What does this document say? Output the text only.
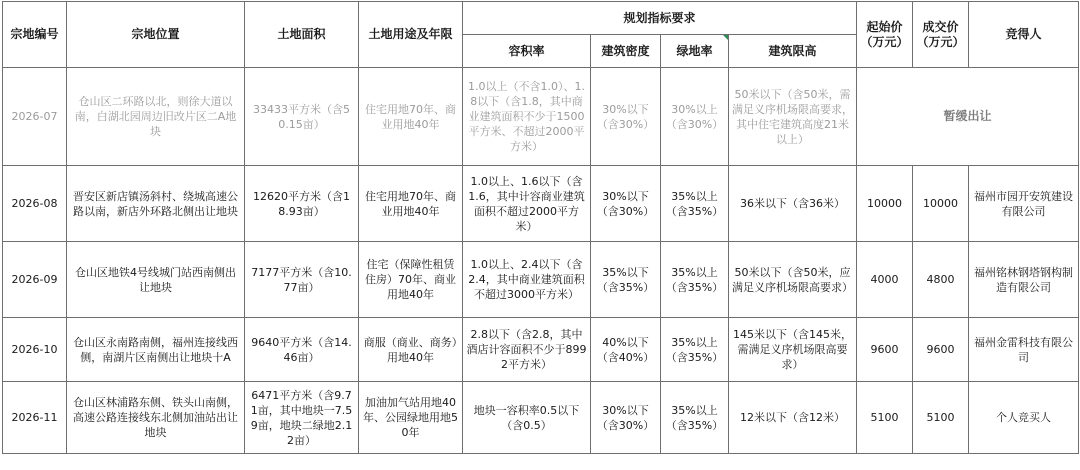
宗地编号	宗地位置	土地面积	土地用途及年限	规划指标要求				起始价（万元）	成交价（万元）	竞得人
				容积率	建筑密度	绿地率	建筑限高			
2026-07	仓山区二环路以北，则徐大道以南，白湖北园周边旧改片区二A地块	33433平方米（含50.15亩）	住宅用地70年、商业用地40年	1.0以上（不含1.0）、1.8以下（含1.8，其中商业建筑面积不少于1500平方米、不超过2000平方米）	30%以下（含30%）	30%以上（含30%）	50米以下（含50米，需满足义序机场限高要求，其中住宅建筑高度21米以上）	暂缓出让		
2026-08	晋安区新店镇汤斜村、绕城高速公路以南，新店外环路北侧出让地块	12620平方米（含18.93亩）	住宅用地70年、商业用地40年	1.0以上、1.6以下（含1.6，其中计容商业建筑面积不超过2000平方米）	30%以下（含30%）	35%以上（含35%）	36米以下（含36米）	10000	10000	福州市园开安筑建设有限公司
2026-09	仓山区地铁4号线城门站西南侧出让地块	7177平方米（含10.77亩）	住宅（保障性租赁住房）70年、商业用地40年	1.0以上、2.4以下（含2.4，其中商业建筑面积不超过3000平方米）	35%以下（含35%）	35%以上（含35%）	50米以下（含50米，应满足义序机场限高要求）	4000	4800	福州铭林钢塔钢构制造有限公司
2026-10	仓山区永南路南侧，福州连接线西侧，南湖片区南侧出让地块十A	9640平方米（含14.46亩）	商服（商业、商务）用地40年	2.8以下（含2.8，其中酒店计容面积不少于8992平方米）	40%以下（含40%）	35%以上（含35%）	145米以下（含145米，需满足义序机场限高要求）	9600	9600	福州金雷科技有限公司
2026-11	仓山区林浦路东侧、铁头山南侧，高速公路连接线东北侧加油站出让地块	6471平方米（含9.71亩，其中地块一7.59亩，地块二绿地2.12亩）	加油加气站用地40年、公园绿地用地50年	地块一容积率0.5以下（含0.5）	30%以下（含30%）	35%以上（含35%）	12米以下（含12米）	5100	5100	个人竞买人
